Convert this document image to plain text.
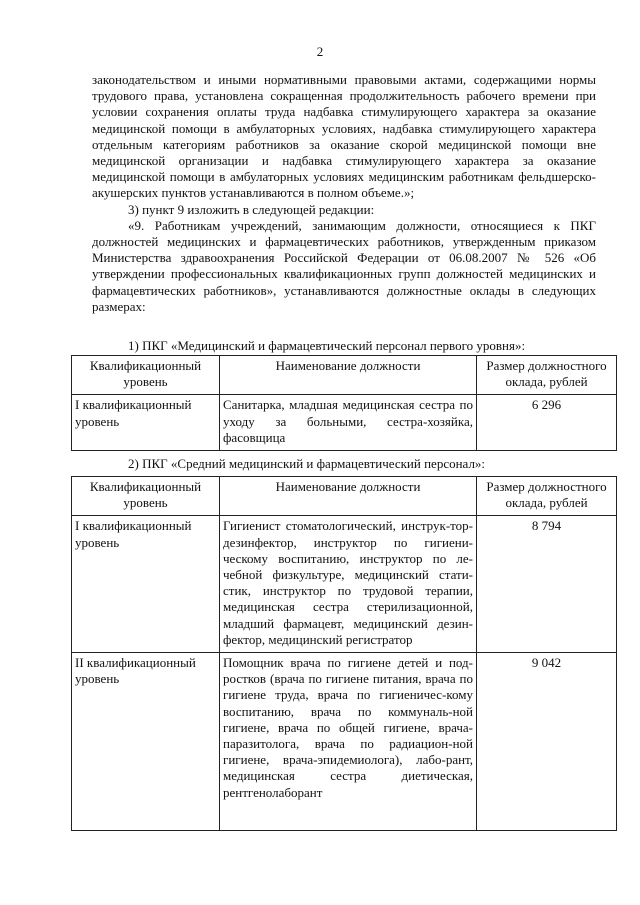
2

законодательством и иными нормативными правовыми актами, содержащими нормы трудового права, установлена сокращенная продолжительность рабочего времени при условии сохранения оплаты труда надбавка стимулирующего характера за оказание медицинской помощи в амбулаторных условиях, надбавка стимулирующего характера отдельным категориям работников за оказание скорой медицинской помощи вне медицинской организации и надбавка стимулирующего характера за оказание медицинской помощи в амбулаторных условиях медицинским работникам фельдшерско-акушерских пунктов устанавливаются в полном объеме.»;

3) пункт 9 изложить в следующей редакции:

«9. Работникам учреждений, занимающим должности, относящиеся к ПКГ должностей медицинских и фармацевтических работников, утвержденным приказом Министерства здравоохранения Российской Федерации от 06.08.2007 № 526 «Об утверждении профессиональных квалификационных групп должностей медицинских и фармацевтических работников», устанавливаются должностные оклады в следующих размерах:

1) ПКГ «Медицинский и фармацевтический персонал первого уровня»:
Квалификационный уровень	Наименование должности	Размер должностного оклада, рублей
I квалификационный уровень	Санитарка, младшая медицинская сестра по уходу за больными, сестра-хозяйка, фасовщица	6 296
2) ПКГ «Средний медицинский и фармацевтический персонал»:
Квалификационный уровень	Наименование должности	Размер должностного оклада, рублей
I квалификационный уровень	Гигиенист стоматологический, инструк-тор-дезинфектор, инструктор по гигиени-ческому воспитанию, инструктор по ле-чебной физкультуре, медицинский стати-стик, инструктор по трудовой терапии, медицинская сестра стерилизационной, младший фармацевт, медицинский дезин-фектор, медицинский регистратор	8 794
II квалификационный уровень	Помощник врача по гигиене детей и под-ростков (врача по гигиене питания, врача по гигиене труда, врача по гигиеничес-кому воспитанию, врача по коммуналь-ной гигиене, врача по общей гигиене, врача-паразитолога, врача по радиацион-ной гигиене, врача-эпидемиолога), лабо-рант, медицинская сестра диетическая, рентгенолаборант	9 042
